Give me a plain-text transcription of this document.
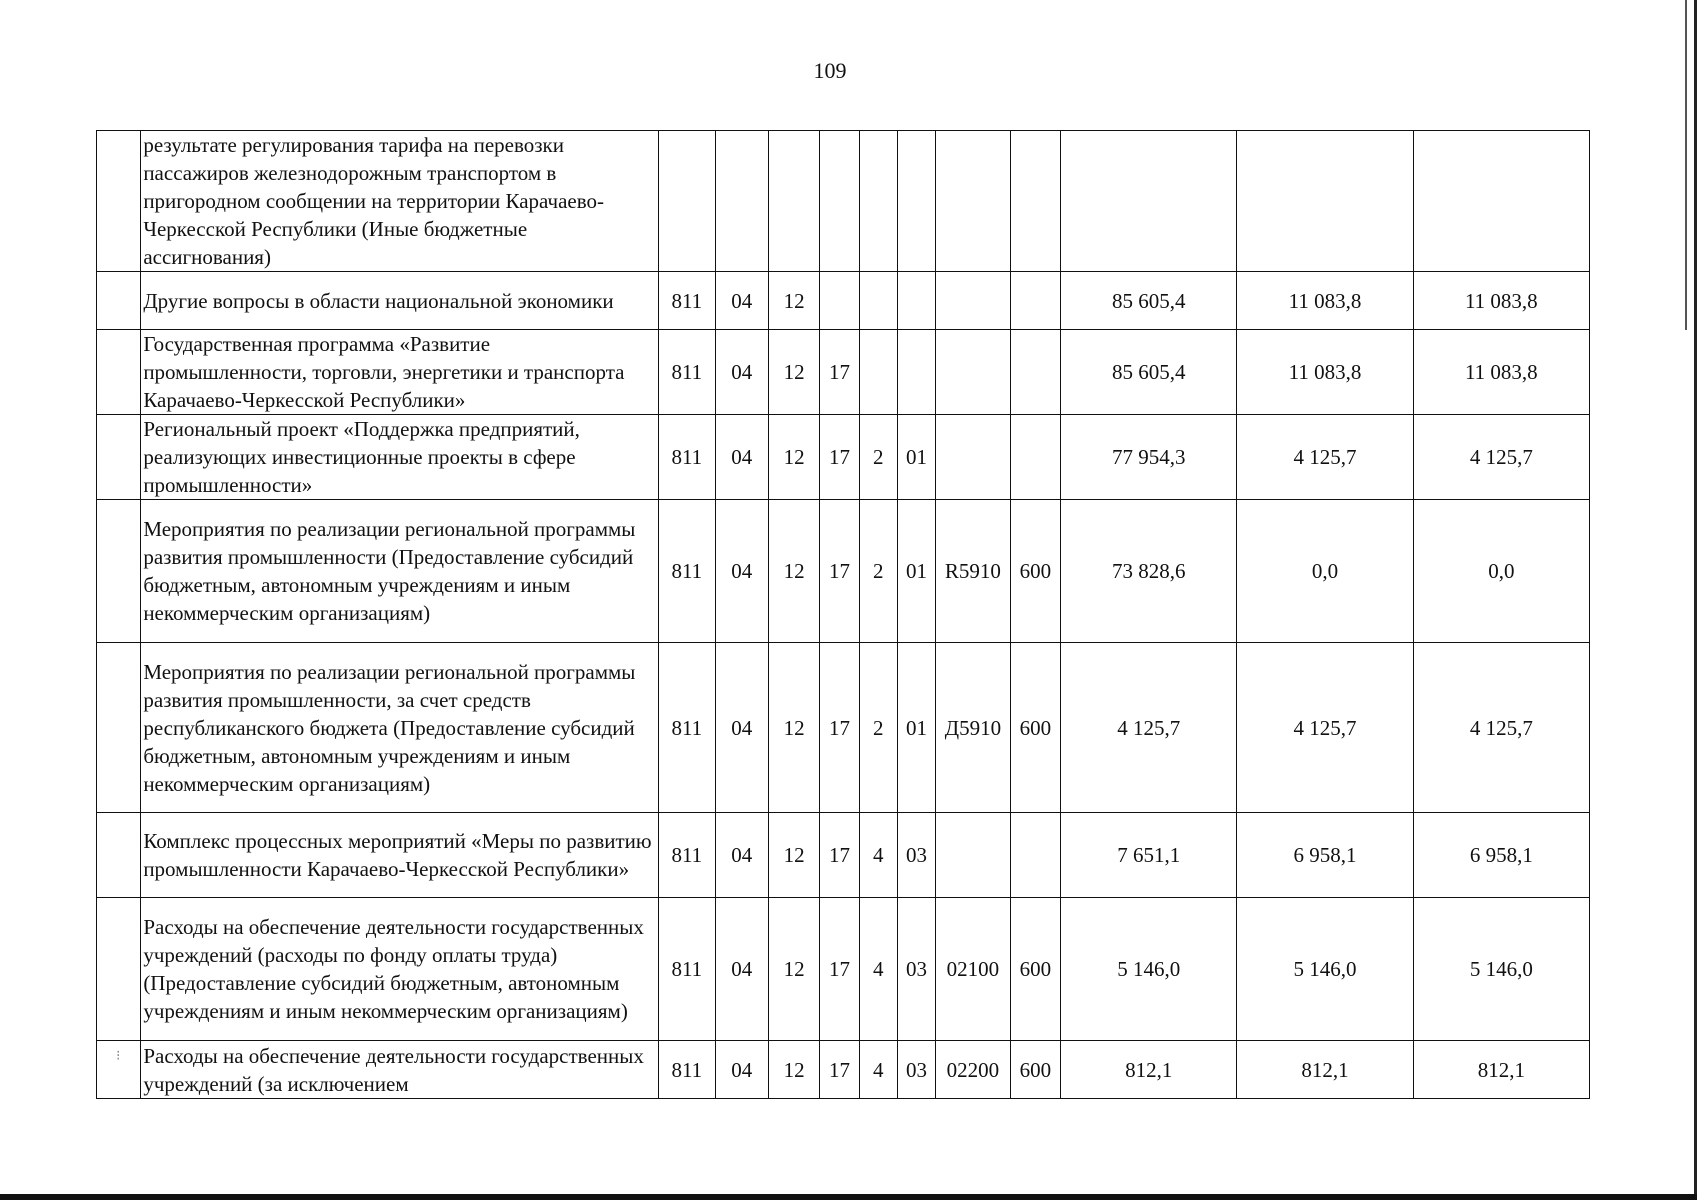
109
	результате регулирования тарифа на перевозки пассажиров железнодорожным транспортом в пригородном сообщении на территории Карачаево-Черкесской Республики (Иные бюджетные ассигнования)											
	Другие вопросы в области национальной экономики	811	04	12						85 605,4	11 083,8	11 083,8
	Государственная программа «Развитие промышленности, торговли, энергетики и транспорта Карачаево-Черкесской Республики»	811	04	12	17					85 605,4	11 083,8	11 083,8
	Региональный проект «Поддержка предприятий, реализующих инвестиционные проекты в сфере промышленности»	811	04	12	17	2	01			77 954,3	4 125,7	4 125,7
	Мероприятия по реализации региональной программы развития промышленности (Предоставление субсидий бюджетным, автономным учреждениям и иным некоммерческим организациям)	811	04	12	17	2	01	R5910	600	73 828,6	0,0	0,0
	Мероприятия по реализации региональной программы развития промышленности, за счет средств республиканского бюджета (Предоставление субсидий бюджетным, автономным учреждениям и иным некоммерческим организациям)	811	04	12	17	2	01	Д5910	600	4 125,7	4 125,7	4 125,7
	Комплекс процессных мероприятий «Меры по развитию промышленности Карачаево-Черкесской Республики»	811	04	12	17	4	03			7 651,1	6 958,1	6 958,1
	Расходы на обеспечение деятельности государственных учреждений (расходы по фонду оплаты труда) (Предоставление субсидий бюджетным, автономным учреждениям и иным некоммерческим организациям)	811	04	12	17	4	03	02100	600	5 146,0	5 146,0	5 146,0
	Расходы на обеспечение деятельности государственных учреждений (за исключением	811	04	12	17	4	03	02200	600	812,1	812,1	812,1
⁝
